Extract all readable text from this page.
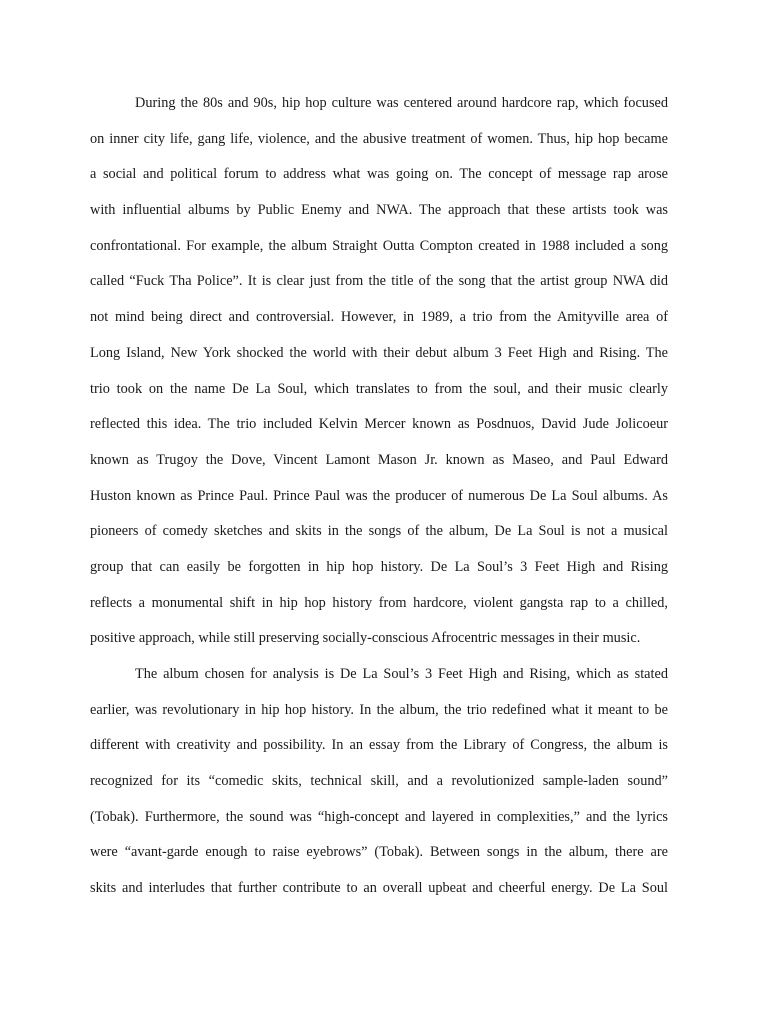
During the 80s and 90s, hip hop culture was centered around hardcore rap, which focused
on inner city life, gang life, violence, and the abusive treatment of women. Thus, hip hop became
a social and political forum to address what was going on. The concept of message rap arose
with influential albums by Public Enemy and NWA. The approach that these artists took was
confrontational. For example, the album Straight Outta Compton created in 1988 included a song
called “Fuck Tha Police”. It is clear just from the title of the song that the artist group NWA did
not mind being direct and controversial. However, in 1989, a trio from the Amityville area of
Long Island, New York shocked the world with their debut album 3 Feet High and Rising. The
trio took on the name De La Soul, which translates to from the soul, and their music clearly
reflected this idea. The trio included Kelvin Mercer known as Posdnuos, David Jude Jolicoeur
known as Trugoy the Dove, Vincent Lamont Mason Jr. known as Maseo, and Paul Edward
Huston known as Prince Paul. Prince Paul was the producer of numerous De La Soul albums. As
pioneers of comedy sketches and skits in the songs of the album, De La Soul is not a musical
group that can easily be forgotten in hip hop history. De La Soul’s 3 Feet High and Rising
reflects a monumental shift in hip hop history from hardcore, violent gangsta rap to a chilled,
positive approach, while still preserving socially-conscious Afrocentric messages in their music.
The album chosen for analysis is De La Soul’s 3 Feet High and Rising, which as stated
earlier, was revolutionary in hip hop history. In the album, the trio redefined what it meant to be
different with creativity and possibility. In an essay from the Library of Congress, the album is
recognized for its “comedic skits, technical skill, and a revolutionized sample-laden sound”
(Tobak). Furthermore, the sound was “high-concept and layered in complexities,” and the lyrics
were “avant-garde enough to raise eyebrows” (Tobak). Between songs in the album, there are
skits and interludes that further contribute to an overall upbeat and cheerful energy. De La Soul
